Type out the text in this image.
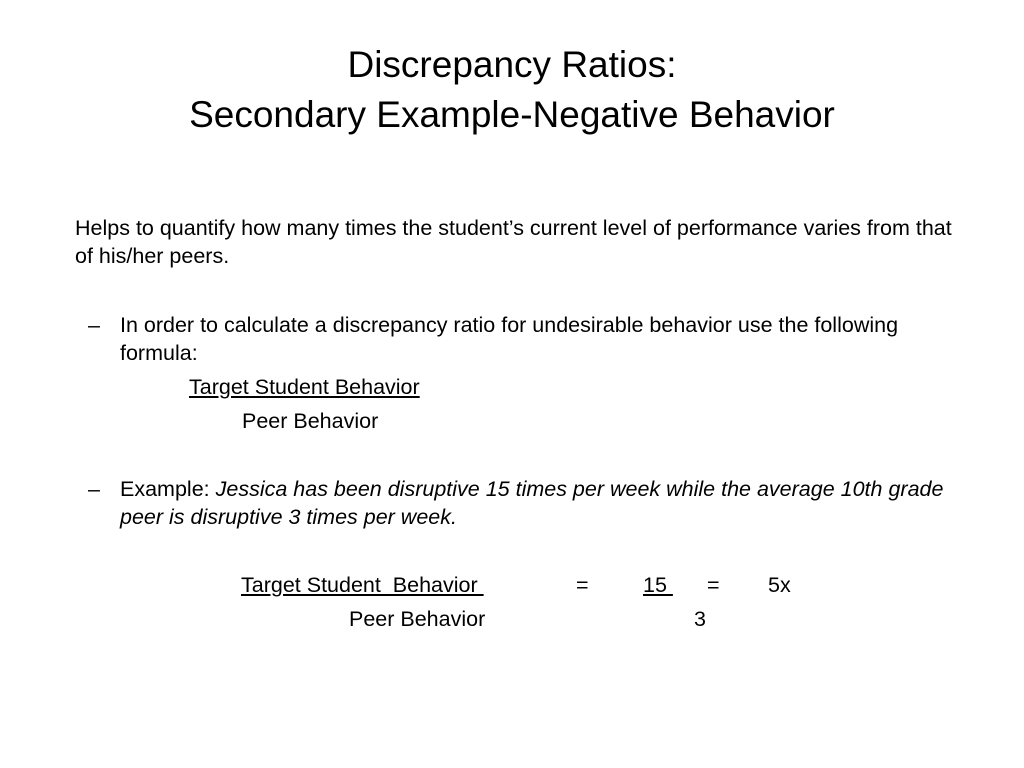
Discrepancy Ratios:
Secondary Example-Negative Behavior
Helps to quantify how many times the student’s current level of performance varies from that of his/her peers.
– In order to calculate a discrepancy ratio for undesirable behavior use the following formula:
Target Student Behavior
Peer Behavior
– Example: Jessica has been disruptive 15 times per week while the average 10th grade peer is disruptive 3 times per week.
Target Student  Behavior
Peer Behavior
=	15
3
= 5x
